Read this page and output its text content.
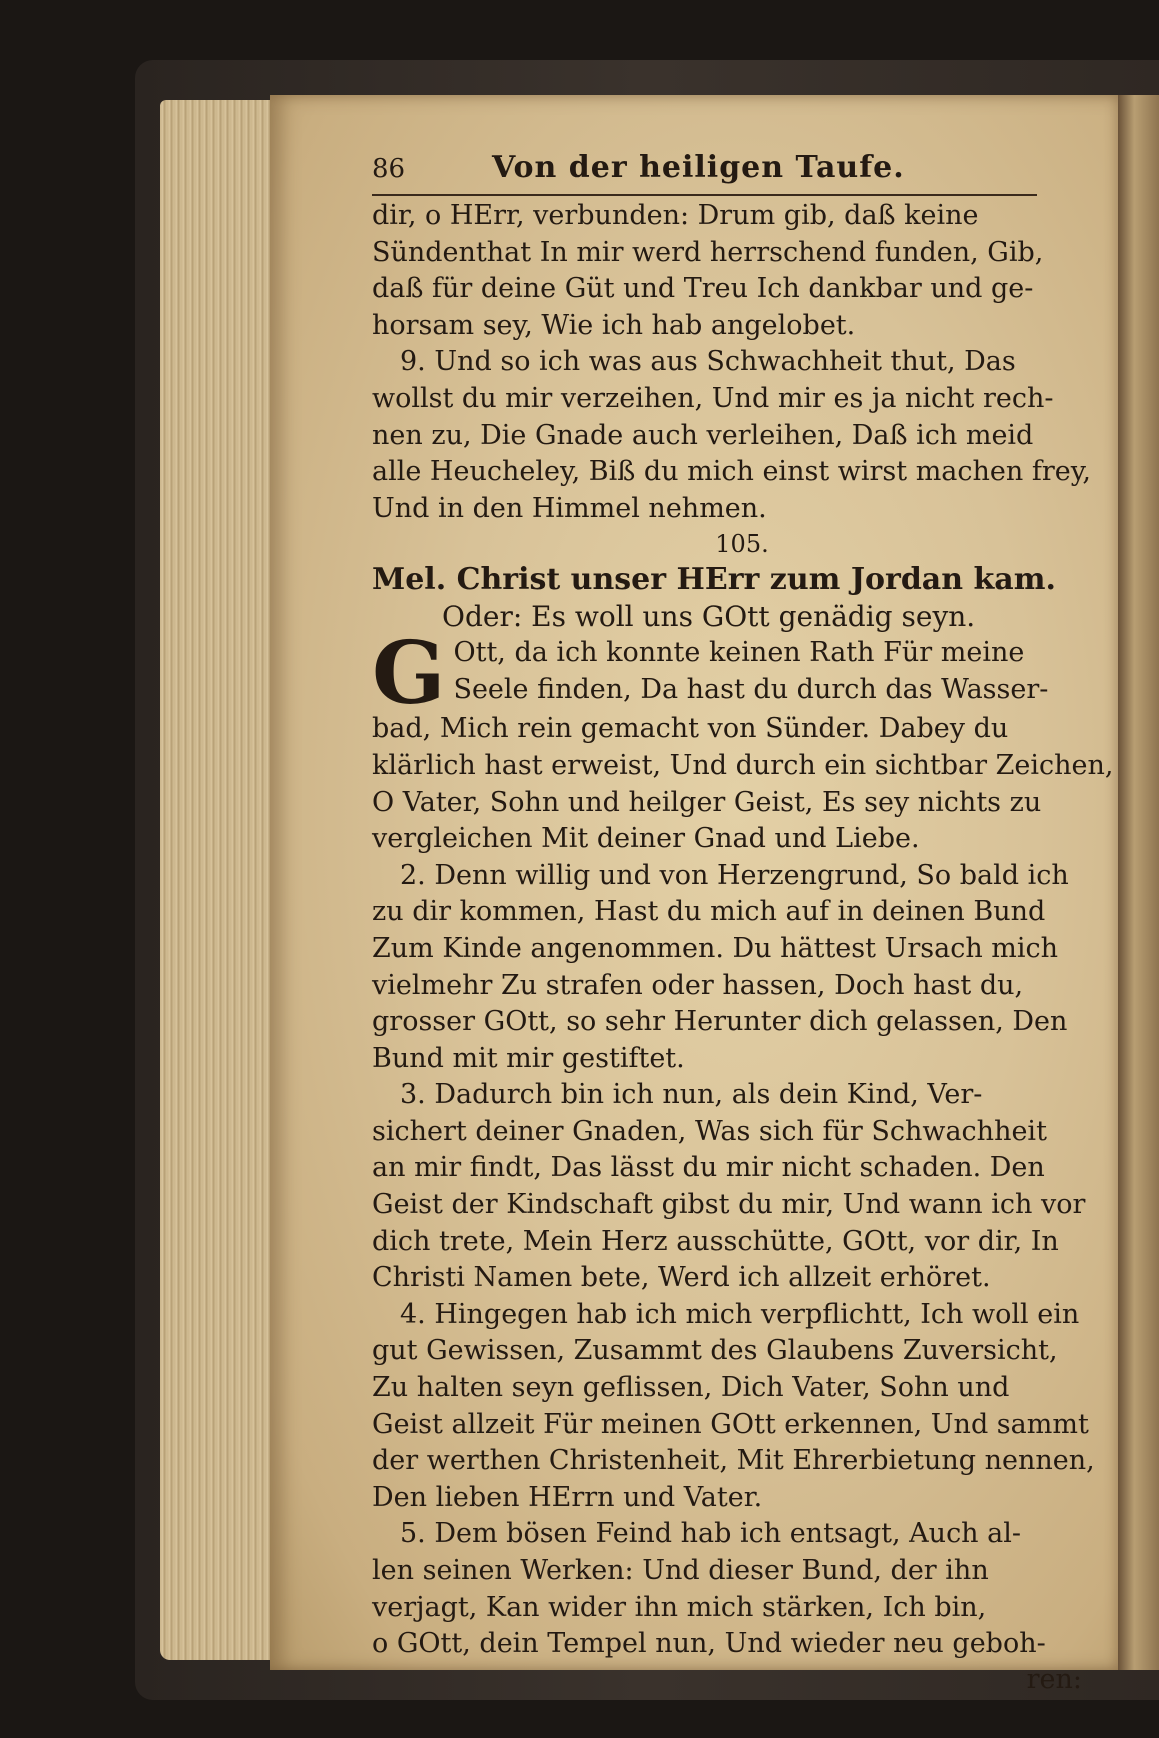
86	Von der heiligen Taufe.

dir, o HErr, verbunden: Drum gib, daß keine

Sündenthat In mir werd herrschend funden, Gib,

daß für deine Güt und Treu Ich dankbar und ge-

horsam sey, Wie ich hab angelobet.

9. Und so ich was aus Schwachheit thut, Das

wollst du mir verzeihen, Und mir es ja nicht rech-

nen zu, Die Gnade auch verleihen, Daß ich meid

alle Heucheley, Biß du mich einst wirst machen frey,

Und in den Himmel nehmen.

105.

Mel. Christ unser HErr zum Jordan kam.

Oder: Es woll uns GOtt genädig seyn.

G Ott, da ich konnte keinen Rath Für meine

Seele finden, Da hast du durch das Wasser-

bad, Mich rein gemacht von Sünder. Dabey du

klärlich hast erweist, Und durch ein sichtbar Zeichen,

O Vater, Sohn und heilger Geist, Es sey nichts zu

vergleichen Mit deiner Gnad und Liebe.

2. Denn willig und von Herzengrund, So bald ich

zu dir kommen, Hast du mich auf in deinen Bund

Zum Kinde angenommen. Du hättest Ursach mich

vielmehr Zu strafen oder hassen, Doch hast du,

grosser GOtt, so sehr Herunter dich gelassen, Den

Bund mit mir gestiftet.

3. Dadurch bin ich nun, als dein Kind, Ver-

sichert deiner Gnaden, Was sich für Schwachheit

an mir findt, Das lässt du mir nicht schaden. Den

Geist der Kindschaft gibst du mir, Und wann ich vor

dich trete, Mein Herz ausschütte, GOtt, vor dir, In

Christi Namen bete, Werd ich allzeit erhöret.

4. Hingegen hab ich mich verpflichtt, Ich woll ein

gut Gewissen, Zusammt des Glaubens Zuversicht,

Zu halten seyn geflissen, Dich Vater, Sohn und

Geist allzeit Für meinen GOtt erkennen, Und sammt

der werthen Christenheit, Mit Ehrerbietung nennen,

Den lieben HErrn und Vater.

5. Dem bösen Feind hab ich entsagt, Auch al-

len seinen Werken: Und dieser Bund, der ihn

verjagt, Kan wider ihn mich stärken, Ich bin,

o GOtt, dein Tempel nun, Und wieder neu geboh-

ren:
